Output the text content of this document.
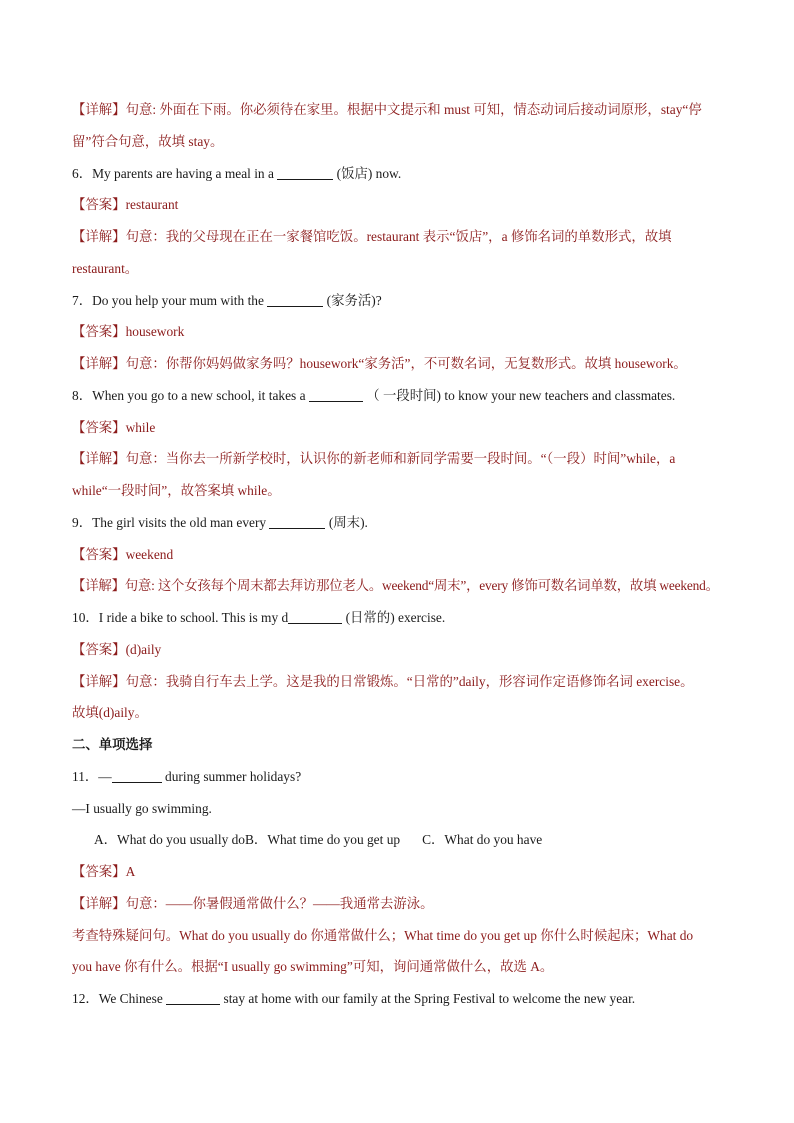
【详解】句意: 外面在下雨。你必须待在家里。根据中文提示和 must 可知，情态动词后接动词原形，stay“停
留”符合句意，故填 stay。
6．My parents are having a meal in a	(饭店) now.
【答案】restaurant
【详解】句意：我的父母现在正在一家餐馆吃饭。restaurant 表示“饭店”，a 修饰名词的单数形式，故填
restaurant。
7．Do you help your mum with the	(家务活)?
【答案】housework
【详解】句意：你帮你妈妈做家务吗？housework“家务活”，不可数名词，无复数形式。故填 housework。
8．When you go to a new school, it takes a	（ 一段时间) to know your new teachers and classmates.
【答案】while
【详解】句意：当你去一所新学校时，认识你的新老师和新同学需要一段时间。“（一段）时间”while，a
while“一段时间”，故答案填 while。
9．The girl visits the old man every	(周末).
【答案】weekend
【详解】句意: 这个女孩每个周末都去拜访那位老人。weekend“周末”，every 修饰可数名词单数，故填 weekend。
10．I ride a bike to school. This is my d	(日常的) exercise.
【答案】(d)aily
【详解】句意：我骑自行车去上学。这是我的日常锻炼。“日常的”daily，形容词作定语修饰名词 exercise。
故填(d)aily。
二、单项选择
11．—	during summer holidays?
—I usually go swimming.
A．What do you usually doB．What time do you get up C．What do you have
【答案】A
【详解】句意：——你暑假通常做什么？——我通常去游泳。
考查特殊疑问句。What do you usually do 你通常做什么；What time do you get up 你什么时候起床；What do
you have 你有什么。根据“I usually go swimming”可知，询问通常做什么，故选 A。
12．We Chinese	stay at home with our family at the Spring Festival to welcome the new year.
